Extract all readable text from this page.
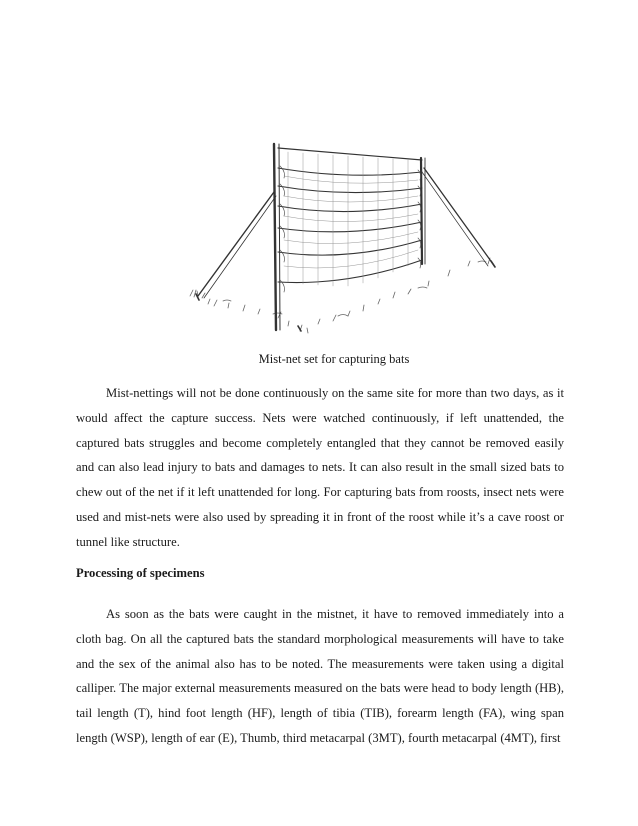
Mist-net set for capturing bats

Mist-nettings will not be done continuously on the same site for more than two days, as it would affect the capture success. Nets were watched continuously, if left unattended, the captured bats struggles and become completely entangled that they cannot be removed easily and can also lead injury to bats and damages to nets. It can also result in the small sized bats to chew out of the net if it left unattended for long. For capturing bats from roosts, insect nets were used and mist-nets were also used by spreading it in front of the roost while it’s a cave roost or tunnel like structure.

Processing of specimens

As soon as the bats were caught in the mistnet, it have to removed immediately into a cloth bag. On all the captured bats the standard morphological measurements will have to take and the sex of the animal also has to be noted. The measurements were taken using a digital calliper. The major external measurements measured on the bats were head to body length (HB), tail length (T), hind foot length (HF), length of tibia (TIB), forearm length (FA), wing span length (WSP), length of ear (E), Thumb, third metacarpal (3MT), fourth metacarpal (4MT), first
